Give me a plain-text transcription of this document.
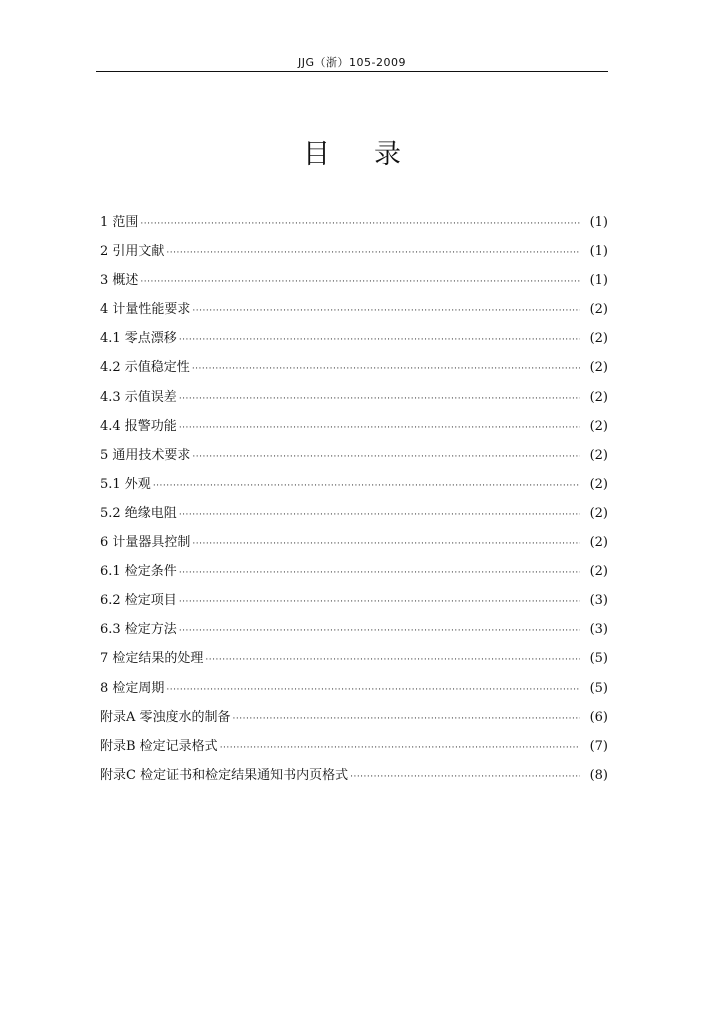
JJG（浙）105-2009
目录
1 范围 ·····	(1)
2 引用文献 ·····	(1)
3 概述 ·····	(1)
4 计量性能要求 ·····	(2)
4.1 零点漂移 ·····	(2)
4.2 示值稳定性 ·····	(2)
4.3 示值误差 ·····	(2)
4.4 报警功能 ·····	(2)
5 通用技术要求 ·····	(2)
5.1 外观 ·····	(2)
5.2 绝缘电阻 ·····	(2)
6 计量器具控制 ·····	(2)
6.1 检定条件 ·····	(2)
6.2 检定项目 ·····	(3)
6.3 检定方法 ·····	(3)
7 检定结果的处理 ·····	(5)
8 检定周期 ·····	(5)
附录A 零浊度水的制备 ·····	(6)
附录B 检定记录格式 ·····	(7)
附录C 检定证书和检定结果通知书内页格式 ·····	(8)
